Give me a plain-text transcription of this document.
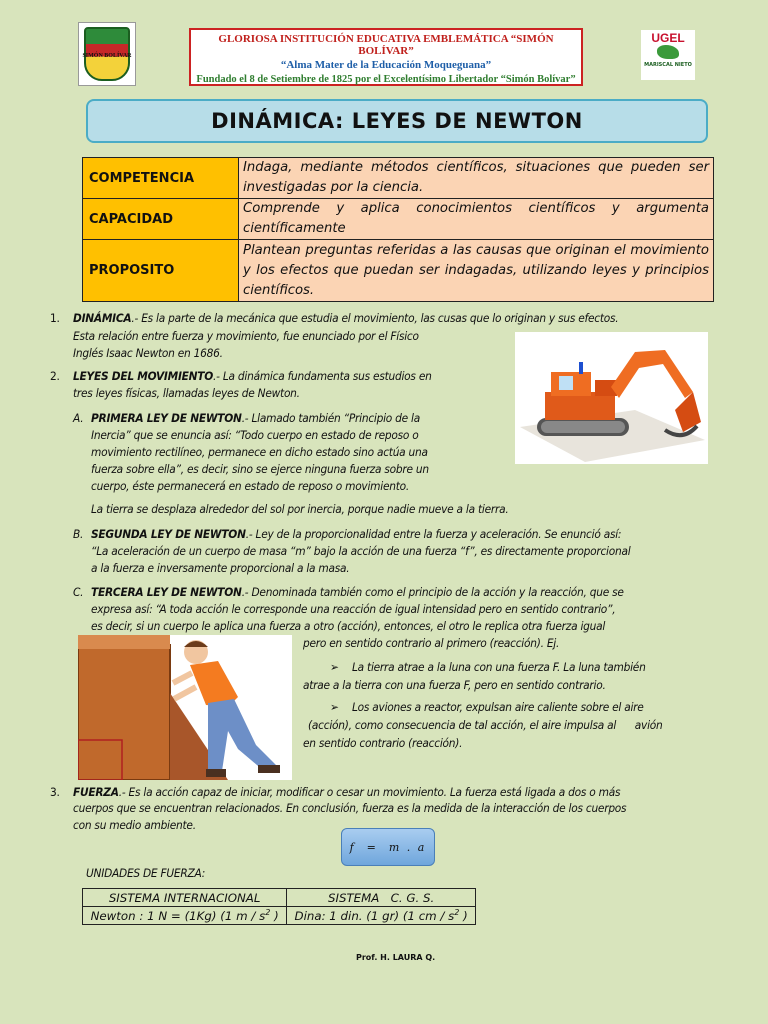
SIMÓN BOLÍVAR
GLORIOSA INSTITUCIÓN EDUCATIVA EMBLEMÁTICA “SIMÓN BOLÍVAR”
“Alma Mater de la Educación Moqueguana”
Fundado el 8 de Setiembre de 1825 por el Excelentísimo Libertador “Simón Bolívar”
UGEL
MARISCAL NIETO
DINÁMICA: LEYES DE NEWTON
COMPETENCIA	Indaga, mediante métodos científicos, situaciones que pueden ser investigadas por la ciencia.
CAPACIDAD	Comprende y aplica conocimientos científicos y argumenta científicamente
PROPOSITO	Plantean preguntas referidas a las causas que originan el movimiento y los efectos que puedan ser indagadas, utilizando leyes y principios científicos.
1. DINÁMICA.- Es la parte de la mecánica que estudia el movimiento, las cusas que lo originan y sus efectos.
Esta relación entre fuerza y movimiento, fue enunciado por el Físico
Inglés Isaac Newton en 1686.
2. LEYES DEL MOVIMIENTO.- La dinámica fundamenta sus estudios en
tres leyes físicas, llamadas leyes de Newton.
A. PRIMERA LEY DE NEWTON.- Llamado también “Principio de la
Inercia” que se enuncia así: “Todo cuerpo en estado de reposo o
movimiento rectilíneo, permanece en dicho estado sino actúa una
fuerza sobre ella”, es decir, sino se ejerce ninguna fuerza sobre un
cuerpo, éste permanecerá en estado de reposo o movimiento.
La tierra se desplaza alrededor del sol por inercia, porque nadie mueve a la tierra.
B. SEGUNDA LEY DE NEWTON.- Ley de la proporcionalidad entre la fuerza y aceleración. Se enunció así:
“La aceleración de un cuerpo de masa “m” bajo la acción de una fuerza “f”, es directamente proporcional
a la fuerza e inversamente proporcional a la masa.
C. TERCERA LEY DE NEWTON.- Denominada también como el principio de la acción y la reacción, que se
expresa así: “A toda acción le corresponde una reacción de igual intensidad pero en sentido contrario”,
es decir, si un cuerpo le aplica una fuerza a otro (acción), entonces, el otro le replica otra fuerza igual
pero en sentido contrario al primero (reacción). Ej.
➢ La tierra atrae a la luna con una fuerza F. La luna también
atrae a la tierra con una fuerza F, pero en sentido contrario.
➢ Los aviones a reactor, expulsan aire caliente sobre el aire
(acción), como consecuencia de tal acción, el aire impulsa al      avión
en sentido contrario (reacción).
3. FUERZA.- Es la acción capaz de iniciar, modificar o cesar un movimiento. La fuerza está ligada a dos o más
cuerpos que se encuentran relacionados. En conclusión, fuerza es la medida de la interacción de los cuerpos
con su medio ambiente.
f  =  m . a
UNIDADES DE FUERZA:
SISTEMA INTERNACIONAL	SISTEMA   C. G. S.
Newton : 1 N = (1Kg) (1 m / $s^2$ )	Dina: 1 din. (1 gr) (1 cm / $s^2$ )
Prof. H. LAURA Q.
